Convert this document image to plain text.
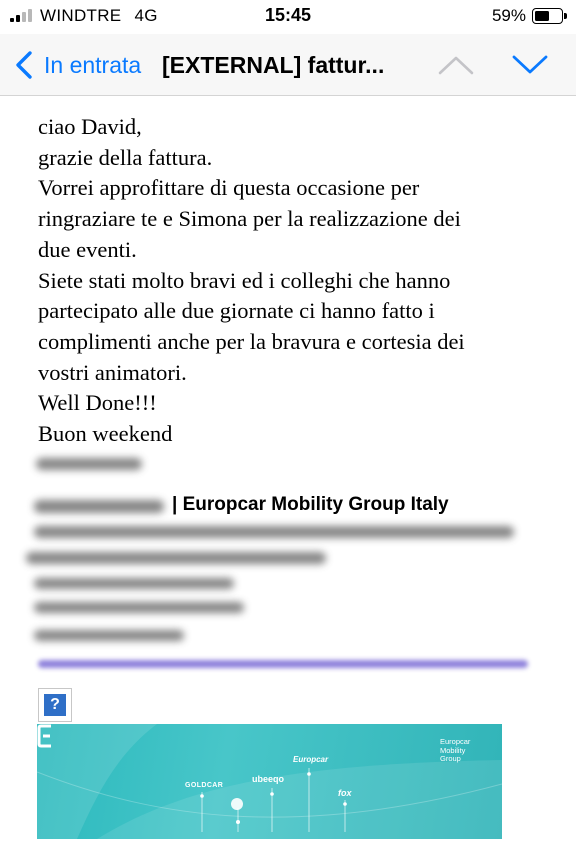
WINDTRE 4G	15:45	59%
In entrata [EXTERNAL] fattur...
ciao David,
grazie della fattura.
Vorrei approfittare di questa occasione per
ringraziare te e Simona per la realizzazione dei
due eventi.
Siete stati molto bravi ed i colleghi che hanno
partecipato alle due giornate ci hanno fatto i
complimenti anche per la bravura e cortesia dei
vostri animatori.
Well Done!!!
Buon weekend
| Europcar Mobility Group Italy
?
GOLDCAR
ubeeqo
Europcar
fox
Europcar
Mobility
Group
